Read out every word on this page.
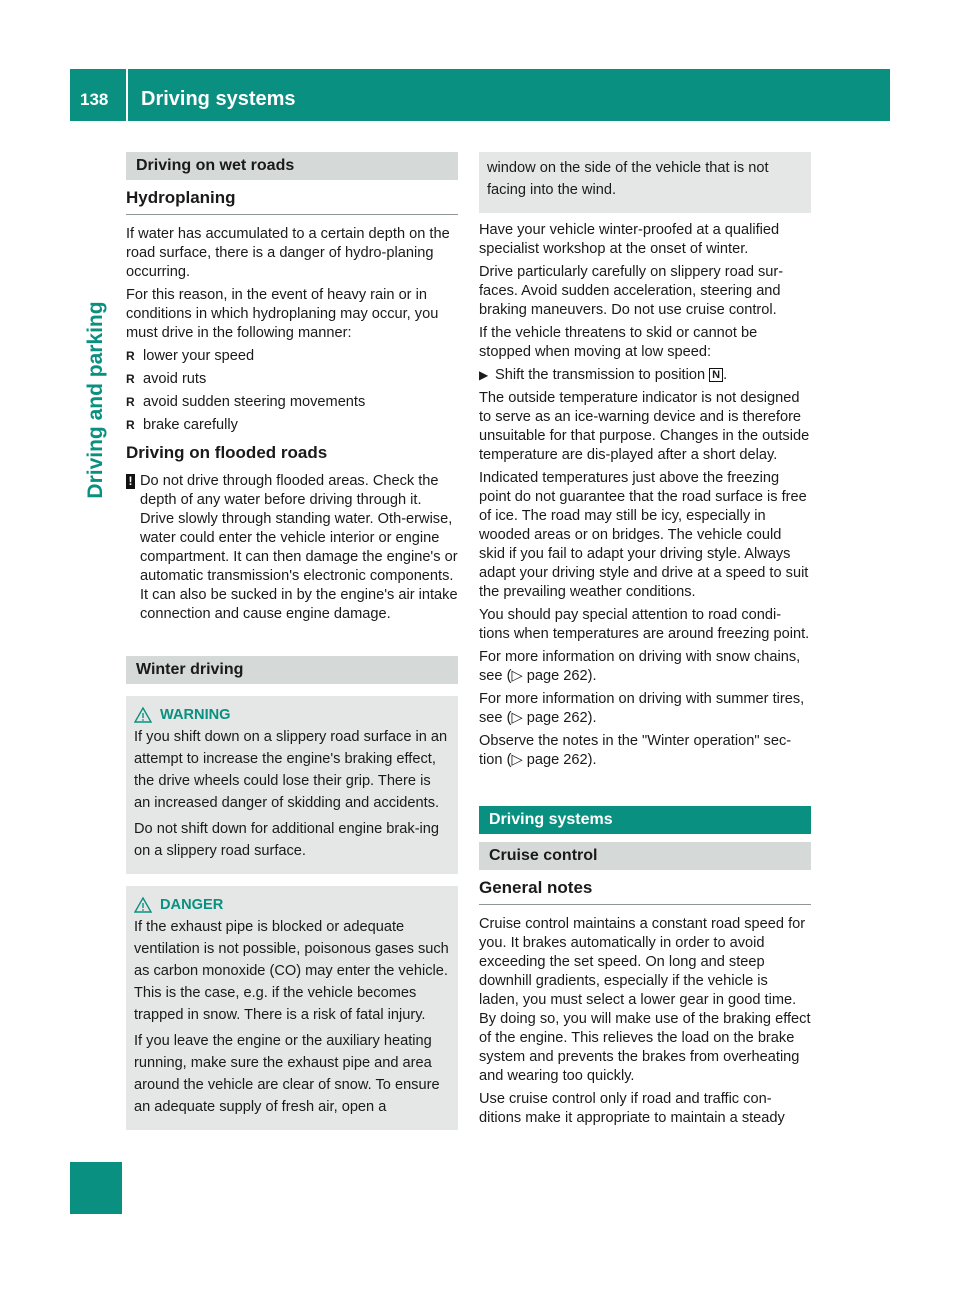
138 Driving systems
Driving and parking
Driving on wet roads
Hydroplaning

If water has accumulated to a certain depth on the road surface, there is a danger of hydro-planing occurring.

For this reason, in the event of heavy rain or in conditions in which hydroplaning may occur, you must drive in the following manner:

R lower your speed
R avoid ruts
R avoid sudden steering movements
R brake carefully
Driving on flooded roads
! Do not drive through flooded areas. Check the depth of any water before driving through it. Drive slowly through standing water. Oth-erwise, water could enter the vehicle interior or engine compartment. It can then damage the engine's or automatic transmission's electronic components. It can also be sucked in by the engine's air intake connection and cause engine damage.
Winter driving
WARNING

If you shift down on a slippery road surface in an attempt to increase the engine's braking effect, the drive wheels could lose their grip. There is an increased danger of skidding and accidents.

Do not shift down for additional engine brak-ing on a slippery road surface.

DANGER

If the exhaust pipe is blocked or adequate ventilation is not possible, poisonous gases such as carbon monoxide (CO) may enter the vehicle. This is the case, e.g. if the vehicle becomes trapped in snow. There is a risk of fatal injury.

If you leave the engine or the auxiliary heating running, make sure the exhaust pipe and area around the vehicle are clear of snow. To ensure an adequate supply of fresh air, open a

window on the side of the vehicle that is not facing into the wind.

Have your vehicle winter-proofed at a qualified specialist workshop at the onset of winter.

Drive particularly carefully on slippery road sur-faces. Avoid sudden acceleration, steering and braking maneuvers. Do not use cruise control.

If the vehicle threatens to skid or cannot be stopped when moving at low speed:

▶ Shift the transmission to position N .

The outside temperature indicator is not designed to serve as an ice-warning device and is therefore unsuitable for that purpose. Changes in the outside temperature are dis-played after a short delay.

Indicated temperatures just above the freezing point do not guarantee that the road surface is free of ice. The road may still be icy, especially in wooded areas or on bridges. The vehicle could skid if you fail to adapt your driving style. Always adapt your driving style and drive at a speed to suit the prevailing weather conditions.

You should pay special attention to road condi-tions when temperatures are around freezing point.

For more information on driving with snow chains, see (▷ page 262).

For more information on driving with summer tires, see (▷ page 262).

Observe the notes in the "Winter operation" sec-tion (▷ page 262).

Driving systems
Cruise control
General notes

Cruise control maintains a constant road speed for you. It brakes automatically in order to avoid exceeding the set speed. On long and steep downhill gradients, especially if the vehicle is laden, you must select a lower gear in good time. By doing so, you will make use of the braking effect of the engine. This relieves the load on the brake system and prevents the brakes from overheating and wearing too quickly.

Use cruise control only if road and traffic con-ditions make it appropriate to maintain a steady
